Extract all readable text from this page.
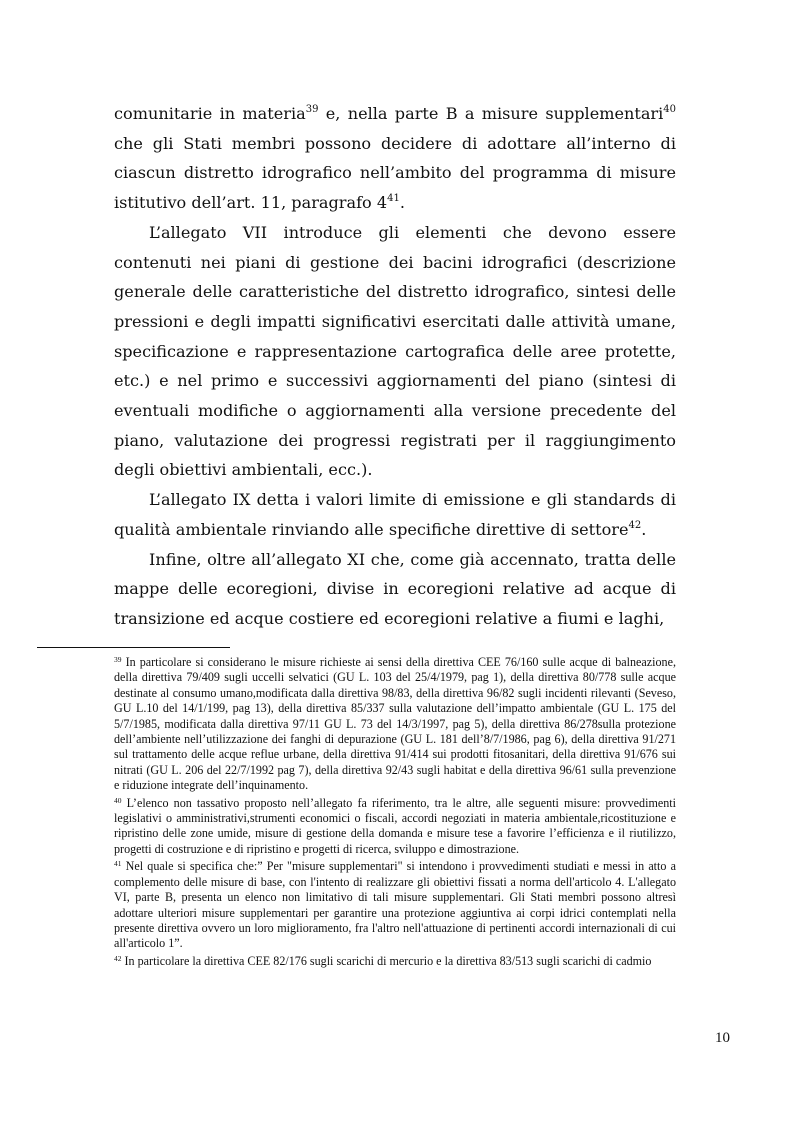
comunitarie in materia$^{39}$ e, nella parte B a misure supplementari$^{40}$ che gli Stati membri possono decidere di adottare all’interno di ciascun distretto idrografico nell’ambito del programma di misure istitutivo dell’art. 11, paragrafo 4$^{41}$.

L’allegato VII introduce gli elementi che devono essere contenuti nei piani di gestione dei bacini idrografici (descrizione generale delle caratteristiche del distretto idrografico, sintesi delle pressioni e degli impatti significativi esercitati dalle attività umane, specificazione e rappresentazione cartografica delle aree protette, etc.) e nel primo e successivi aggiornamenti del piano (sintesi di eventuali modifiche o aggiornamenti alla versione precedente del piano, valutazione dei progressi registrati per il raggiungimento degli obiettivi ambientali, ecc.).

L’allegato IX detta i valori limite di emissione e gli standards di qualità ambientale rinviando alle specifiche direttive di settore$^{42}$.

Infine, oltre all’allegato XI che, come già accennato, tratta delle mappe delle ecoregioni, divise in ecoregioni relative ad acque di transizione ed acque costiere ed ecoregioni relative a fiumi e laghi,

$^{39}$ In particolare si considerano le misure richieste ai sensi della direttiva CEE 76/160 sulle acque di balneazione, della direttiva 79/409 sugli uccelli selvatici (GU L. 103 del 25/4/1979, pag 1), della direttiva 80/778 sulle acque destinate al consumo umano,modificata dalla direttiva 98/83, della direttiva 96/82 sugli incidenti rilevanti (Seveso, GU L.10 del 14/1/199, pag 13), della direttiva 85/337 sulla valutazione dell’impatto ambientale (GU L. 175 del 5/7/1985, modificata dalla direttiva 97/11 GU L. 73 del 14/3/1997, pag 5), della direttiva 86/278sulla protezione dell’ambiente nell’utilizzazione dei fanghi di depurazione (GU L. 181 dell’8/7/1986, pag 6), della direttiva 91/271 sul trattamento delle acque reflue urbane, della direttiva 91/414 sui prodotti fitosanitari, della direttiva 91/676 sui nitrati (GU L. 206 del 22/7/1992 pag 7), della direttiva 92/43 sugli habitat e della direttiva 96/61 sulla prevenzione e riduzione integrate dell’inquinamento.

$^{40}$ L’elenco non tassativo proposto nell’allegato fa riferimento, tra le altre, alle seguenti misure: provvedimenti legislativi o amministrativi,strumenti economici o fiscali, accordi negoziati in materia ambientale,ricostituzione e ripristino delle zone umide, misure di gestione della domanda e misure tese a favorire l’efficienza e il riutilizzo, progetti di costruzione e di ripristino e progetti di ricerca, sviluppo e dimostrazione.

$^{41}$ Nel quale si specifica che:” Per "misure supplementari" si intendono i provvedimenti studiati e messi in atto a complemento delle misure di base, con l'intento di realizzare gli obiettivi fissati a norma dell'articolo 4. L'allegato VI, parte B, presenta un elenco non limitativo di tali misure supplementari. Gli Stati membri possono altresì adottare ulteriori misure supplementari per garantire una protezione aggiuntiva ai corpi idrici contemplati nella presente direttiva ovvero un loro miglioramento, fra l'altro nell'attuazione di pertinenti accordi internazionali di cui all'articolo 1”.

$^{42}$ In particolare la direttiva CEE 82/176 sugli scarichi di mercurio e la direttiva 83/513 sugli scarichi di cadmio

10
